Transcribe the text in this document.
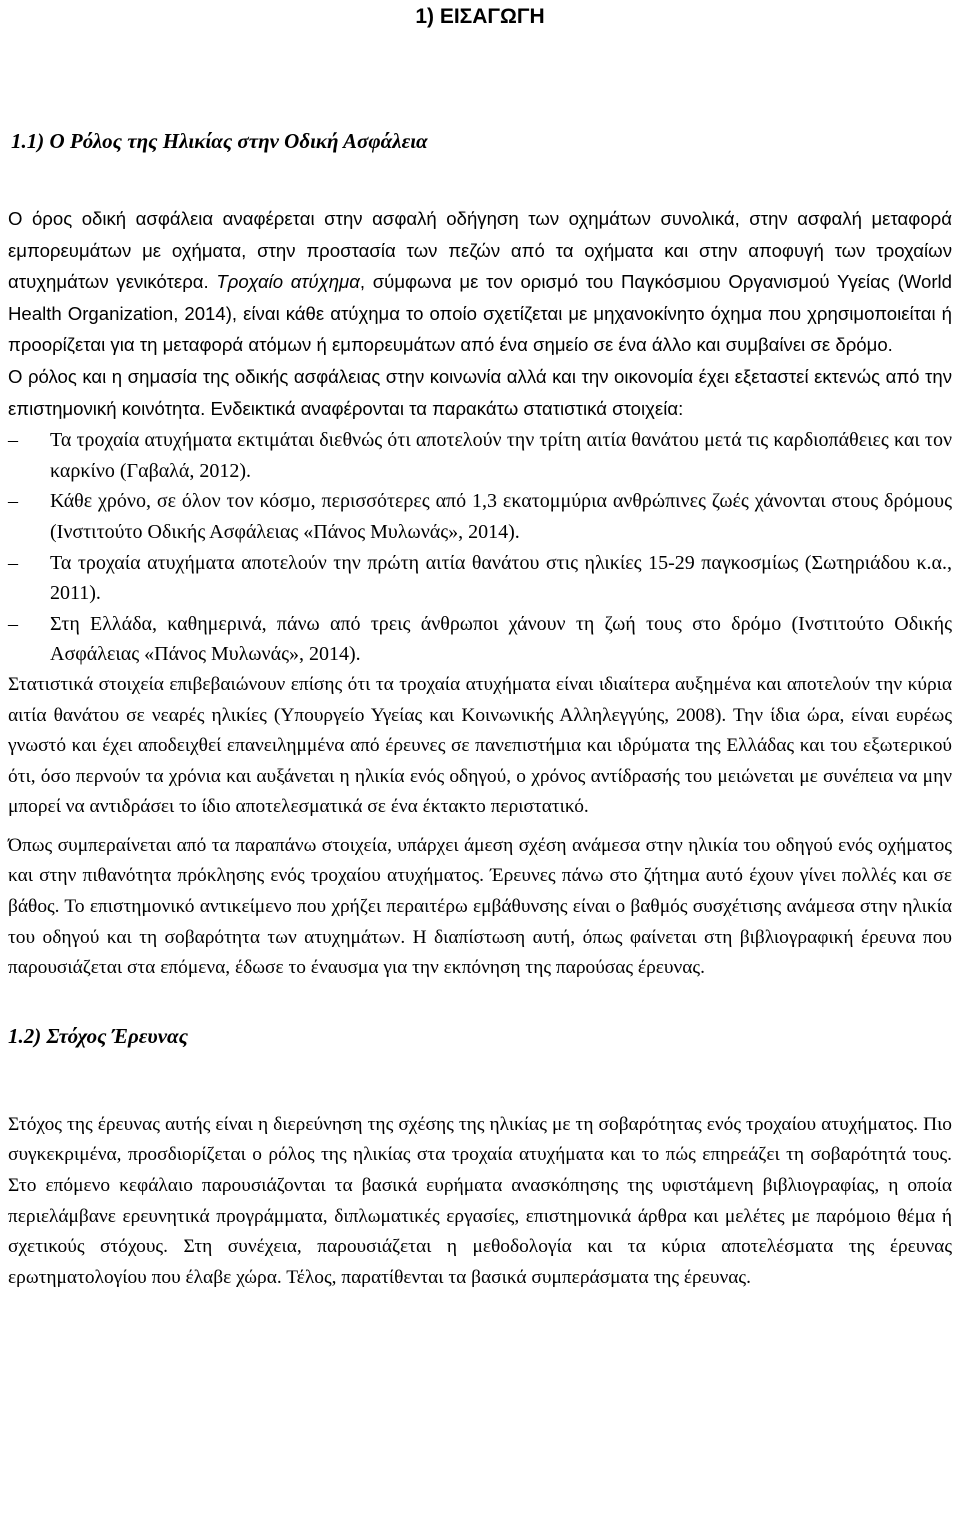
1) ΕΙΣΑΓΩΓΗ
1.1) Ο Ρόλος της Ηλικίας στην Οδική Ασφάλεια

Ο όρος οδική ασφάλεια αναφέρεται στην ασφαλή οδήγηση των οχημάτων συνολικά, στην ασφαλή μεταφορά εμπορευμάτων με οχήματα, στην προστασία των πεζών από τα οχήματα και στην αποφυγή των τροχαίων ατυχημάτων γενικότερα. Τροχαίο ατύχημα, σύμφωνα με τον ορισμό του Παγκόσμιου Οργανισμού Υγείας (World Health Organization, 2014), είναι κάθε ατύχημα το οποίο σχετίζεται με μηχανοκίνητο όχημα που χρησιμοποιείται ή προορίζεται για τη μεταφορά ατόμων ή εμπορευμάτων από ένα σημείο σε ένα άλλο και συμβαίνει σε δρόμο.

Ο ρόλος και η σημασία της οδικής ασφάλειας στην κοινωνία αλλά και την οικονομία έχει εξεταστεί εκτενώς από την επιστημονική κοινότητα. Ενδεικτικά αναφέρονται τα παρακάτω στατιστικά στοιχεία:

–	Τα τροχαία ατυχήματα εκτιμάται διεθνώς ότι αποτελούν την τρίτη αιτία θανάτου μετά τις καρδιοπάθειες και τον καρκίνο (Γαβαλά, 2012).
–	Κάθε χρόνο, σε όλον τον κόσμο, περισσότερες από 1,3 εκατομμύρια ανθρώπινες ζωές χάνονται στους δρόμους (Ινστιτούτο Οδικής Ασφάλειας «Πάνος Μυλωνάς», 2014).
–	Τα τροχαία ατυχήματα αποτελούν την πρώτη αιτία θανάτου στις ηλικίες 15-29 παγκοσμίως (Σωτηριάδου κ.α., 2011).
–	Στη Ελλάδα, καθημερινά, πάνω από τρεις άνθρωποι χάνουν τη ζωή τους στο δρόμο (Ινστιτούτο Οδικής Ασφάλειας «Πάνος Μυλωνάς», 2014).

Στατιστικά στοιχεία επιβεβαιώνουν επίσης ότι τα τροχαία ατυχήματα είναι ιδιαίτερα αυξημένα και αποτελούν την κύρια αιτία θανάτου σε νεαρές ηλικίες (Υπουργείο Υγείας και Κοινωνικής Αλληλεγγύης, 2008). Την ίδια ώρα, είναι ευρέως γνωστό και έχει αποδειχθεί επανειλημμένα από έρευνες σε πανεπιστήμια και ιδρύματα της Ελλάδας και του εξωτερικού ότι, όσο περνούν τα χρόνια και αυξάνεται η ηλικία ενός οδηγού, ο χρόνος αντίδρασής του μειώνεται με συνέπεια να μην μπορεί να αντιδράσει το ίδιο αποτελεσματικά σε ένα έκτακτο περιστατικό.

Όπως συμπεραίνεται από τα παραπάνω στοιχεία, υπάρχει άμεση σχέση ανάμεσα στην ηλικία του οδηγού ενός οχήματος και στην πιθανότητα πρόκλησης ενός τροχαίου ατυχήματος. Έρευνες πάνω στο ζήτημα αυτό έχουν γίνει πολλές και σε βάθος. Το επιστημονικό αντικείμενο που χρήζει περαιτέρω εμβάθυνσης είναι ο βαθμός συσχέτισης ανάμεσα στην ηλικία του οδηγού και τη σοβαρότητα των ατυχημάτων. Η διαπίστωση αυτή, όπως φαίνεται στη βιβλιογραφική έρευνα που παρουσιάζεται στα επόμενα, έδωσε το έναυσμα για την εκπόνηση της παρούσας έρευνας.

1.2) Στόχος Έρευνας

Στόχος της έρευνας αυτής είναι η διερεύνηση της σχέσης της ηλικίας με τη σοβαρότητας ενός τροχαίου ατυχήματος. Πιο συγκεκριμένα, προσδιορίζεται ο ρόλος της ηλικίας στα τροχαία ατυχήματα και το πώς επηρεάζει τη σοβαρότητά τους. Στο επόμενο κεφάλαιο παρουσιάζονται τα βασικά ευρήματα ανασκόπησης της υφιστάμενη βιβλιογραφίας, η οποία περιελάμβανε ερευνητικά προγράμματα, διπλωματικές εργασίες, επιστημονικά άρθρα και μελέτες με παρόμοιο θέμα ή σχετικούς στόχους. Στη συνέχεια, παρουσιάζεται η μεθοδολογία και τα κύρια αποτελέσματα της έρευνας ερωτηματολογίου που έλαβε χώρα. Τέλος, παρατίθενται τα βασικά συμπεράσματα της έρευνας.
